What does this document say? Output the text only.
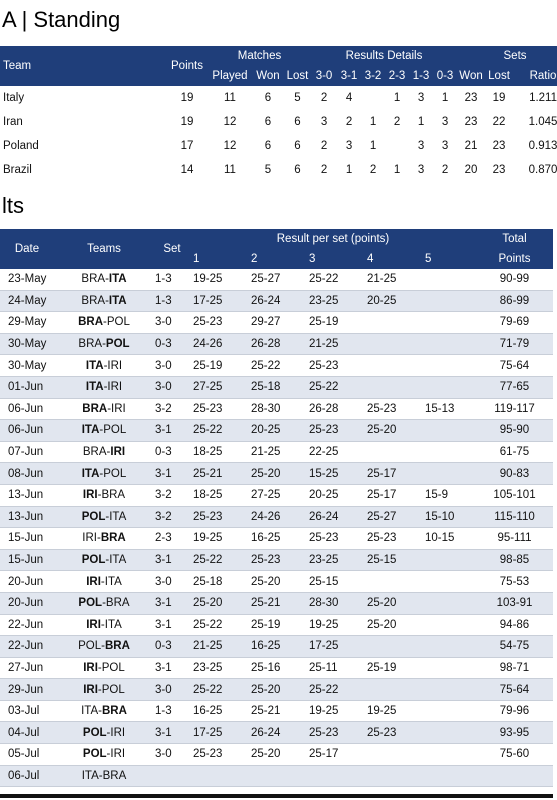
A | Standing
Team	Points	Matches			Results Details						Sets		
		Played	Won	Lost	3-0	3-1	3-2	2-3	1-3	0-3	Won	Lost	Ratio
Italy	19	11	6	5	2	4		1	3	1	23	19	1.211
Iran	19	12	6	6	3	2	1	2	1	3	23	22	1.045
Poland	17	12	6	6	2	3	1		3	3	21	23	0.913
Brazil	14	11	5	6	2	1	2	1	3	2	20	23	0.870
lts
Date	Teams	Set	Result per set (points)					Total
			1	2	3	4	5	Points
23-May	BRA-ITA	1-3	19-25	25-27	25-22	21-25		90-99
24-May	BRA-ITA	1-3	17-25	26-24	23-25	20-25		86-99
29-May	BRA-POL	3-0	25-23	29-27	25-19			79-69
30-May	BRA-POL	0-3	24-26	26-28	21-25			71-79
30-May	ITA-IRI	3-0	25-19	25-22	25-23			75-64
01-Jun	ITA-IRI	3-0	27-25	25-18	25-22			77-65
06-Jun	BRA-IRI	3-2	25-23	28-30	26-28	25-23	15-13	119-117
06-Jun	ITA-POL	3-1	25-22	20-25	25-23	25-20		95-90
07-Jun	BRA-IRI	0-3	18-25	21-25	22-25			61-75
08-Jun	ITA-POL	3-1	25-21	25-20	15-25	25-17		90-83
13-Jun	IRI-BRA	3-2	18-25	27-25	20-25	25-17	15-9	105-101
13-Jun	POL-ITA	3-2	25-23	24-26	26-24	25-27	15-10	115-110
15-Jun	IRI-BRA	2-3	19-25	16-25	25-23	25-23	10-15	95-111
15-Jun	POL-ITA	3-1	25-22	25-23	23-25	25-15		98-85
20-Jun	IRI-ITA	3-0	25-18	25-20	25-15			75-53
20-Jun	POL-BRA	3-1	25-20	25-21	28-30	25-20		103-91
22-Jun	IRI-ITA	3-1	25-22	25-19	19-25	25-20		94-86
22-Jun	POL-BRA	0-3	21-25	16-25	17-25			54-75
27-Jun	IRI-POL	3-1	23-25	25-16	25-11	25-19		98-71
29-Jun	IRI-POL	3-0	25-22	25-20	25-22			75-64
03-Jul	ITA-BRA	1-3	16-25	25-21	19-25	19-25		79-96
04-Jul	POL-IRI	3-1	17-25	26-24	25-23	25-23		93-95
05-Jul	POL-IRI	3-0	25-23	25-20	25-17			75-60
06-Jul	ITA-BRA							
